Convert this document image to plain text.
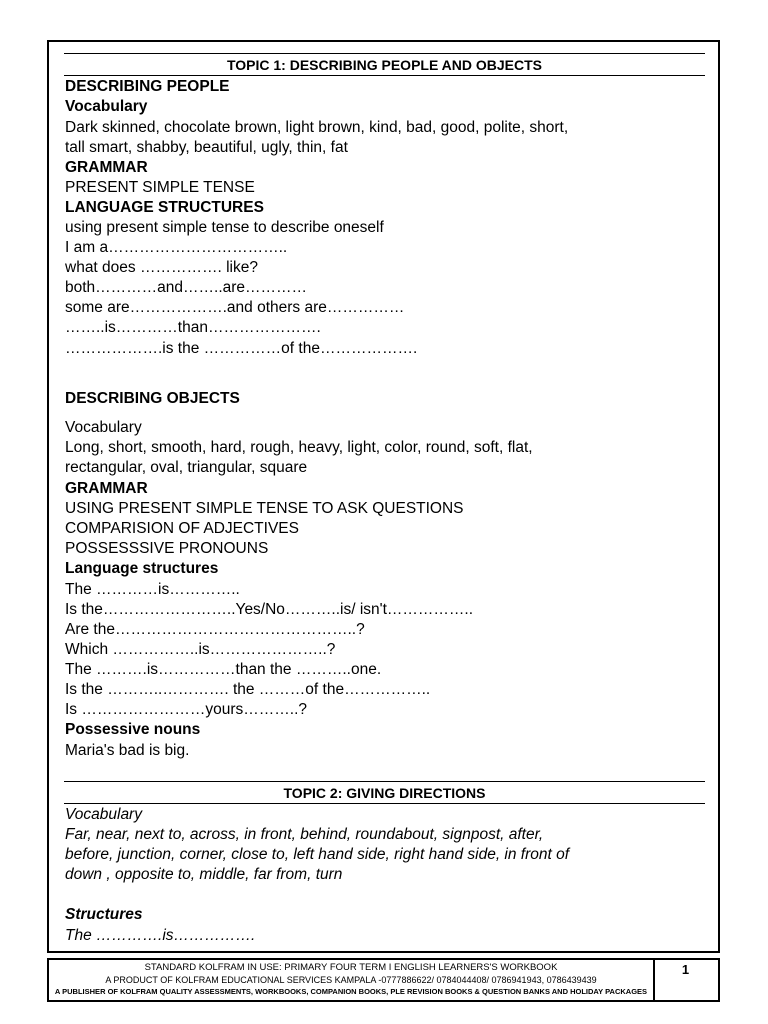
TOPIC 1: DESCRIBING PEOPLE AND OBJECTS
DESCRIBING PEOPLE
Vocabulary
Dark skinned, chocolate brown, light brown, kind, bad, good, polite, short,
tall smart, shabby, beautiful, ugly, thin, fat
GRAMMAR
PRESENT SIMPLE TENSE
LANGUAGE STRUCTURES
using present simple tense to describe oneself
I am a……………………………..
what does ……………. like?
both…………and……..are…………
some are……………….and others are……………
……..is…………than………………….
……………….is the ……………of the……………….
DESCRIBING OBJECTS
Vocabulary
Long, short, smooth, hard, rough, heavy, light, color, round, soft, flat,
rectangular, oval, triangular, square
GRAMMAR
USING PRESENT SIMPLE TENSE TO ASK QUESTIONS
COMPARISION OF ADJECTIVES
POSSESSSIVE PRONOUNS
Language structures
The …………is…………..
Is the……………………..Yes/No………..is/ isn't……………..
Are the………………………………………..?
Which ……………..is…………………..?
The ……….is……………than the ………..one.
Is the ………..…………. the ………of the……………..
Is ……………………yours………..?
Possessive nouns
Maria's bad is big.
TOPIC 2: GIVING DIRECTIONS
Vocabulary
Far, near, next to, across, in front, behind, roundabout, signpost, after,
before, junction, corner, close to, left hand side, right hand side, in front of
down , opposite to, middle, far from, turn
Structures
The ………….is…………….
STANDARD KOLFRAM IN USE: PRIMARY FOUR TERM I ENGLISH LEARNERS'S WORKBOOK
A PRODUCT OF KOLFRAM EDUCATIONAL SERVICES KAMPALA -0777886622/ 0784044408/ 0786941943, 0786439439
A PUBLISHER OF KOLFRAM QUALITY ASSESSMENTS, WORKBOOKS, COMPANION BOOKS, PLE REVISION BOOKS & QUESTION BANKS AND HOLIDAY PACKAGES
1
